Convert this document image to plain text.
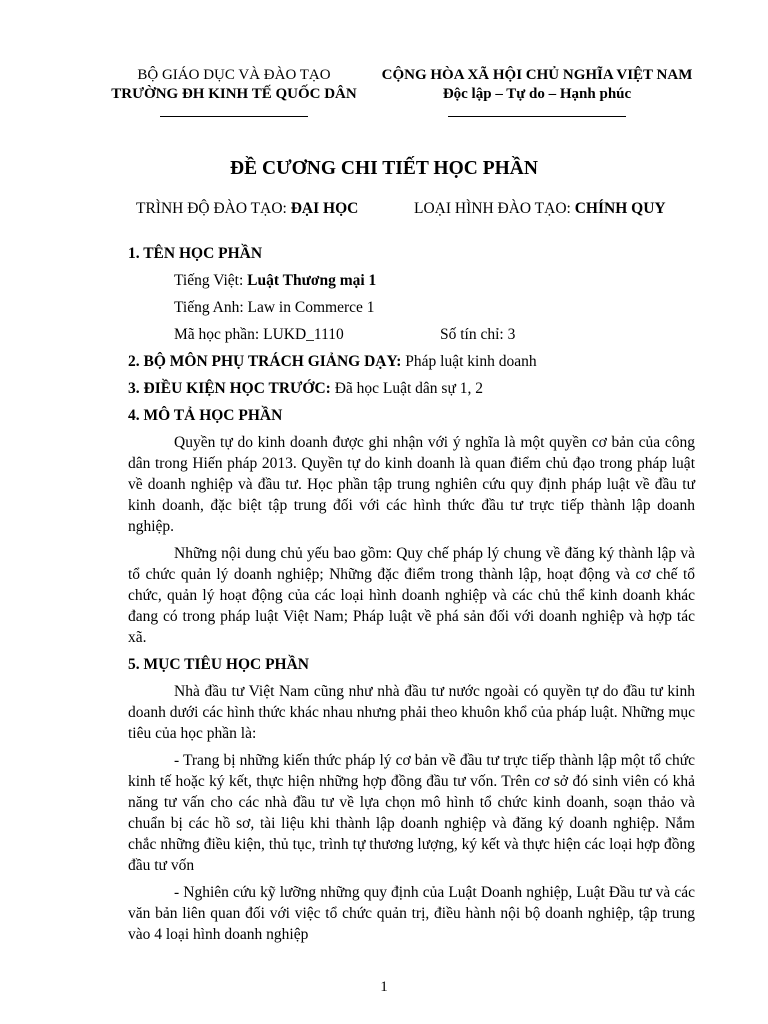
BỘ GIÁO DỤC VÀ ĐÀO TẠO
TRƯỜNG ĐH KINH TẾ QUỐC DÂN
CỘNG HÒA XÃ HỘI CHỦ NGHĨA VIỆT NAM
Độc lập – Tự do – Hạnh phúc
ĐỀ CƯƠNG CHI TIẾT HỌC PHẦN
TRÌNH ĐỘ ĐÀO TẠO: ĐẠI HỌC	LOẠI HÌNH ĐÀO TẠO: CHÍNH QUY
1. TÊN HỌC PHẦN
Tiếng Việt: Luật Thương mại 1
Tiếng Anh: Law in Commerce 1
Mã học phần: LUKD_1110	Số tín chỉ: 3
2. BỘ MÔN PHỤ TRÁCH GIẢNG DẠY: Pháp luật kinh doanh
3. ĐIỀU KIỆN HỌC TRƯỚC: Đã học Luật dân sự 1, 2
4. MÔ TẢ HỌC PHẦN

Quyền tự do kinh doanh được ghi nhận với ý nghĩa là một quyền cơ bản của công dân trong Hiến pháp 2013. Quyền tự do kinh doanh là quan điểm chủ đạo trong pháp luật về doanh nghiệp và đầu tư. Học phần tập trung nghiên cứu quy định pháp luật về đầu tư kinh doanh, đặc biệt tập trung đối với các hình thức đầu tư trực tiếp thành lập doanh nghiệp.

Những nội dung chủ yếu bao gồm: Quy chế pháp lý chung về đăng ký thành lập và tổ chức quản lý doanh nghiệp; Những đặc điểm trong thành lập, hoạt động và cơ chế tổ chức, quản lý hoạt động của các loại hình doanh nghiệp và các chủ thể kinh doanh khác đang có trong pháp luật Việt Nam; Pháp luật về phá sản đối với doanh nghiệp và hợp tác xã.

5. MỤC TIÊU HỌC PHẦN

Nhà đầu tư Việt Nam cũng như nhà đầu tư nước ngoài có quyền tự do đầu tư kinh doanh dưới các hình thức khác nhau nhưng phải theo khuôn khổ của pháp luật. Những mục tiêu của học phần là:

- Trang bị những kiến thức pháp lý cơ bản về đầu tư trực tiếp thành lập một tổ chức kinh tế hoặc ký kết, thực hiện những hợp đồng đầu tư vốn. Trên cơ sở đó sinh viên có khả năng tư vấn cho các nhà đầu tư về lựa chọn mô hình tổ chức kinh doanh, soạn thảo và chuẩn bị các hồ sơ, tài liệu khi thành lập doanh nghiệp và đăng ký doanh nghiệp. Nắm chắc những điều kiện, thủ tục, trình tự thương lượng, ký kết và thực hiện các loại hợp đồng đầu tư vốn

- Nghiên cứu kỹ lưỡng những quy định của Luật Doanh nghiệp, Luật Đầu tư và các văn bản liên quan đối với việc tổ chức quản trị, điều hành nội bộ doanh nghiệp, tập trung vào 4 loại hình doanh nghiệp

1
